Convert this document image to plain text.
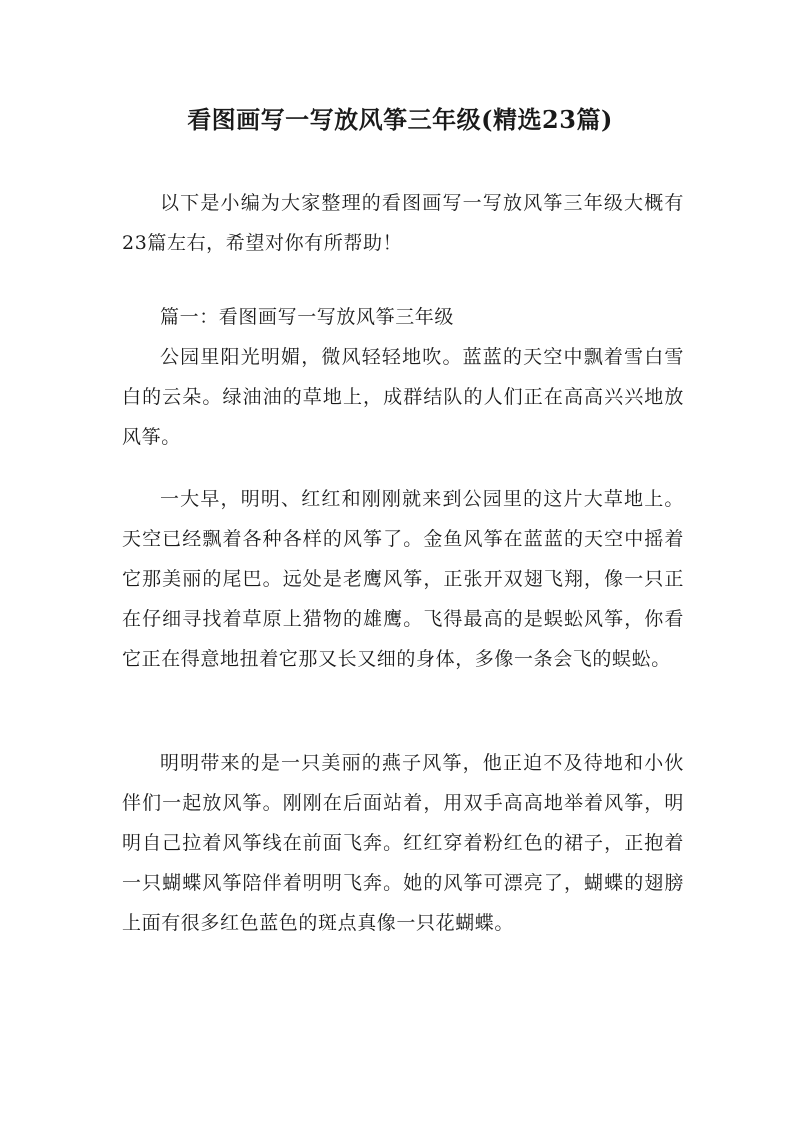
看图画写一写放风筝三年级(精选23篇)

以下是小编为大家整理的看图画写一写放风筝三年级大概有23篇左右，希望对你有所帮助！

篇一：看图画写一写放风筝三年级

公园里阳光明媚，微风轻轻地吹。蓝蓝的天空中飘着雪白雪白的云朵。绿油油的草地上，成群结队的人们正在高高兴兴地放风筝。

一大早，明明、红红和刚刚就来到公园里的这片大草地上。天空已经飘着各种各样的风筝了。金鱼风筝在蓝蓝的天空中摇着它那美丽的尾巴。远处是老鹰风筝，正张开双翅飞翔，像一只正在仔细寻找着草原上猎物的雄鹰。飞得最高的是蜈蚣风筝，你看它正在得意地扭着它那又长又细的身体，多像一条会飞的蜈蚣。

明明带来的是一只美丽的燕子风筝，他正迫不及待地和小伙伴们一起放风筝。刚刚在后面站着，用双手高高地举着风筝，明明自己拉着风筝线在前面飞奔。红红穿着粉红色的裙子，正抱着一只蝴蝶风筝陪伴着明明飞奔。她的风筝可漂亮了，蝴蝶的翅膀上面有很多红色蓝色的斑点真像一只花蝴蝶。
